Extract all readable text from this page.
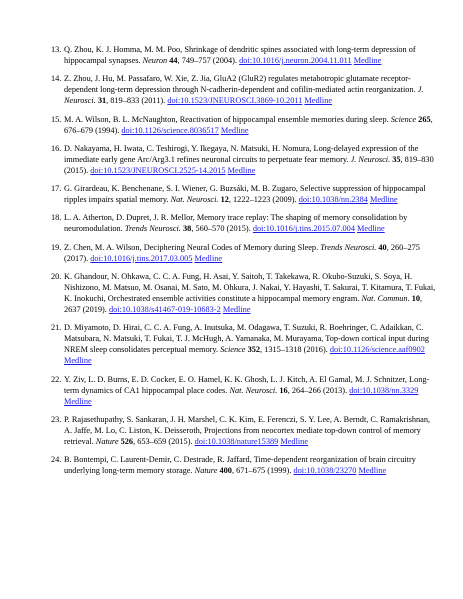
13. Q. Zhou, K. J. Homma, M. M. Poo, Shrinkage of dendritic spines associated with long-term depression of hippocampal synapses. Neuron 44, 749–757 (2004). doi:10.1016/j.neuron.2004.11.011 Medline
14. Z. Zhou, J. Hu, M. Passafaro, W. Xie, Z. Jia, GluA2 (GluR2) regulates metabotropic glutamate receptor-dependent long-term depression through N-cadherin-dependent and cofilin-mediated actin reorganization. J. Neurosci. 31, 819–833 (2011). doi:10.1523/JNEUROSCI.3869-10.2011 Medline
15. M. A. Wilson, B. L. McNaughton, Reactivation of hippocampal ensemble memories during sleep. Science 265, 676–679 (1994). doi:10.1126/science.8036517 Medline
16. D. Nakayama, H. Iwata, C. Teshirogi, Y. Ikegaya, N. Matsuki, H. Nomura, Long-delayed expression of the immediate early gene Arc/Arg3.1 refines neuronal circuits to perpetuate fear memory. J. Neurosci. 35, 819–830 (2015). doi:10.1523/JNEUROSCI.2525-14.2015 Medline
17. G. Girardeau, K. Benchenane, S. I. Wiener, G. Buzsáki, M. B. Zugaro, Selective suppression of hippocampal ripples impairs spatial memory. Nat. Neurosci. 12, 1222–1223 (2009). doi:10.1038/nn.2384 Medline
18. L. A. Atherton, D. Dupret, J. R. Mellor, Memory trace replay: The shaping of memory consolidation by neuromodulation. Trends Neurosci. 38, 560–570 (2015). doi:10.1016/j.tins.2015.07.004 Medline
19. Z. Chen, M. A. Wilson, Deciphering Neural Codes of Memory during Sleep. Trends Neurosci. 40, 260–275 (2017). doi:10.1016/j.tins.2017.03.005 Medline
20. K. Ghandour, N. Ohkawa, C. C. A. Fung, H. Asai, Y. Saitoh, T. Takekawa, R. Okubo-Suzuki, S. Soya, H. Nishizono, M. Matsuo, M. Osanai, M. Sato, M. Ohkura, J. Nakai, Y. Hayashi, T. Sakurai, T. Kitamura, T. Fukai, K. Inokuchi, Orchestrated ensemble activities constitute a hippocampal memory engram. Nat. Commun. 10, 2637 (2019). doi:10.1038/s41467-019-10683-2 Medline
21. D. Miyamoto, D. Hirai, C. C. A. Fung, A. Inutsuka, M. Odagawa, T. Suzuki, R. Boehringer, C. Adaikkan, C. Matsubara, N. Matsuki, T. Fukai, T. J. McHugh, A. Yamanaka, M. Murayama, Top-down cortical input during NREM sleep consolidates perceptual memory. Science 352, 1315–1318 (2016). doi:10.1126/science.aaf0902 Medline
22. Y. Ziv, L. D. Burns, E. D. Cocker, E. O. Hamel, K. K. Ghosh, L. J. Kitch, A. El Gamal, M. J. Schnitzer, Long-term dynamics of CA1 hippocampal place codes. Nat. Neurosci. 16, 264–266 (2013). doi:10.1038/nn.3329 Medline
23. P. Rajasethupathy, S. Sankaran, J. H. Marshel, C. K. Kim, E. Ferenczi, S. Y. Lee, A. Berndt, C. Ramakrishnan, A. Jaffe, M. Lo, C. Liston, K. Deisseroth, Projections from neocortex mediate top-down control of memory retrieval. Nature 526, 653–659 (2015). doi:10.1038/nature15389 Medline
24. B. Bontempi, C. Laurent-Demir, C. Destrade, R. Jaffard, Time-dependent reorganization of brain circuitry underlying long-term memory storage. Nature 400, 671–675 (1999). doi:10.1038/23270 Medline
